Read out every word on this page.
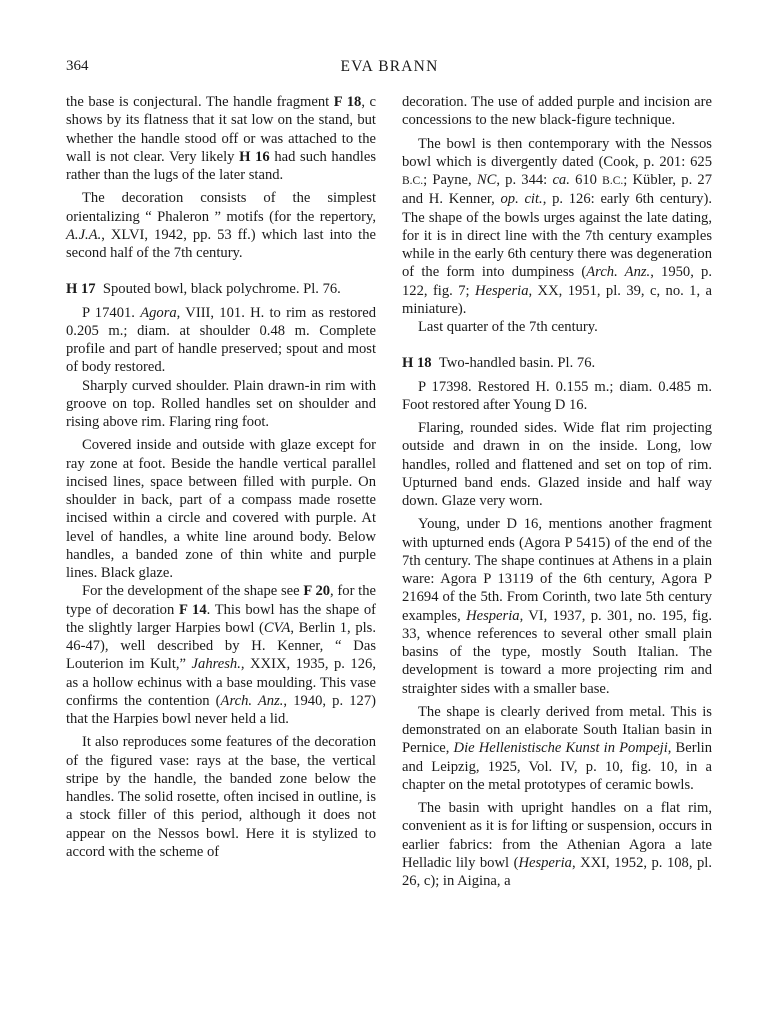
364	EVA BRANN

the base is conjectural. The handle fragment F 18, c shows by its flatness that it sat low on the stand, but whether the handle stood off or was attached to the wall is not clear. Very likely H 16 had such handles rather than the lugs of the later stand.

The decoration consists of the simplest orientalizing “ Phaleron ” motifs (for the repertory, A.J.A., XLVI, 1942, pp. 53 ff.) which last into the second half of the 7th century.

H 17 Spouted bowl, black polychrome. Pl. 76.

P 17401. Agora, VIII, 101. H. to rim as restored 0.205 m.; diam. at shoulder 0.48 m. Complete profile and part of handle preserved; spout and most of body restored.

Sharply curved shoulder. Plain drawn-in rim with groove on top. Rolled handles set on shoulder and rising above rim. Flaring ring foot.

Covered inside and outside with glaze except for ray zone at foot. Beside the handle vertical parallel incised lines, space between filled with purple. On shoulder in back, part of a compass made rosette incised within a circle and covered with purple. At level of handles, a white line around body. Below handles, a banded zone of thin white and purple lines. Black glaze.

For the development of the shape see F 20, for the type of decoration F 14. This bowl has the shape of the slightly larger Harpies bowl (CVA, Berlin 1, pls. 46-47), well described by H. Kenner, “ Das Louterion im Kult,” Jahresh., XXIX, 1935, p. 126, as a hollow echinus with a base moulding. This vase confirms the contention (Arch. Anz., 1940, p. 127) that the Harpies bowl never held a lid.

It also reproduces some features of the decoration of the figured vase: rays at the base, the vertical stripe by the handle, the banded zone below the handles. The solid rosette, often incised in outline, is a stock filler of this period, although it does not appear on the Nessos bowl. Here it is stylized to accord with the scheme of

decoration. The use of added purple and incision are concessions to the new black-figure technique.

The bowl is then contemporary with the Nessos bowl which is divergently dated (Cook, p. 201: 625 B.C.; Payne, NC, p. 344: ca. 610 B.C.; Kübler, p. 27 and H. Kenner, op. cit., p. 126: early 6th century). The shape of the bowls urges against the late dating, for it is in direct line with the 7th century examples while in the early 6th century there was degeneration of the form into dumpiness (Arch. Anz., 1950, p. 122, fig. 7; Hesperia, XX, 1951, pl. 39, c, no. 1, a miniature).

Last quarter of the 7th century.

H 18 Two-handled basin. Pl. 76.

P 17398. Restored H. 0.155 m.; diam. 0.485 m. Foot restored after Young D 16.

Flaring, rounded sides. Wide flat rim projecting outside and drawn in on the inside. Long, low handles, rolled and flattened and set on top of rim. Upturned band ends. Glazed inside and half way down. Glaze very worn.

Young, under D 16, mentions another fragment with upturned ends (Agora P 5415) of the end of the 7th century. The shape continues at Athens in a plain ware: Agora P 13119 of the 6th century, Agora P 21694 of the 5th. From Corinth, two late 5th century examples, Hesperia, VI, 1937, p. 301, no. 195, fig. 33, whence references to several other small plain basins of the type, mostly South Italian. The development is toward a more projecting rim and straighter sides with a smaller base.

The shape is clearly derived from metal. This is demonstrated on an elaborate South Italian basin in Pernice, Die Hellenistische Kunst in Pompeji, Berlin and Leipzig, 1925, Vol. IV, p. 10, fig. 10, in a chapter on the metal prototypes of ceramic bowls.

The basin with upright handles on a flat rim, convenient as it is for lifting or suspension, occurs in earlier fabrics: from the Athenian Agora a late Helladic lily bowl (Hesperia, XXI, 1952, p. 108, pl. 26, c); in Aigina, a
